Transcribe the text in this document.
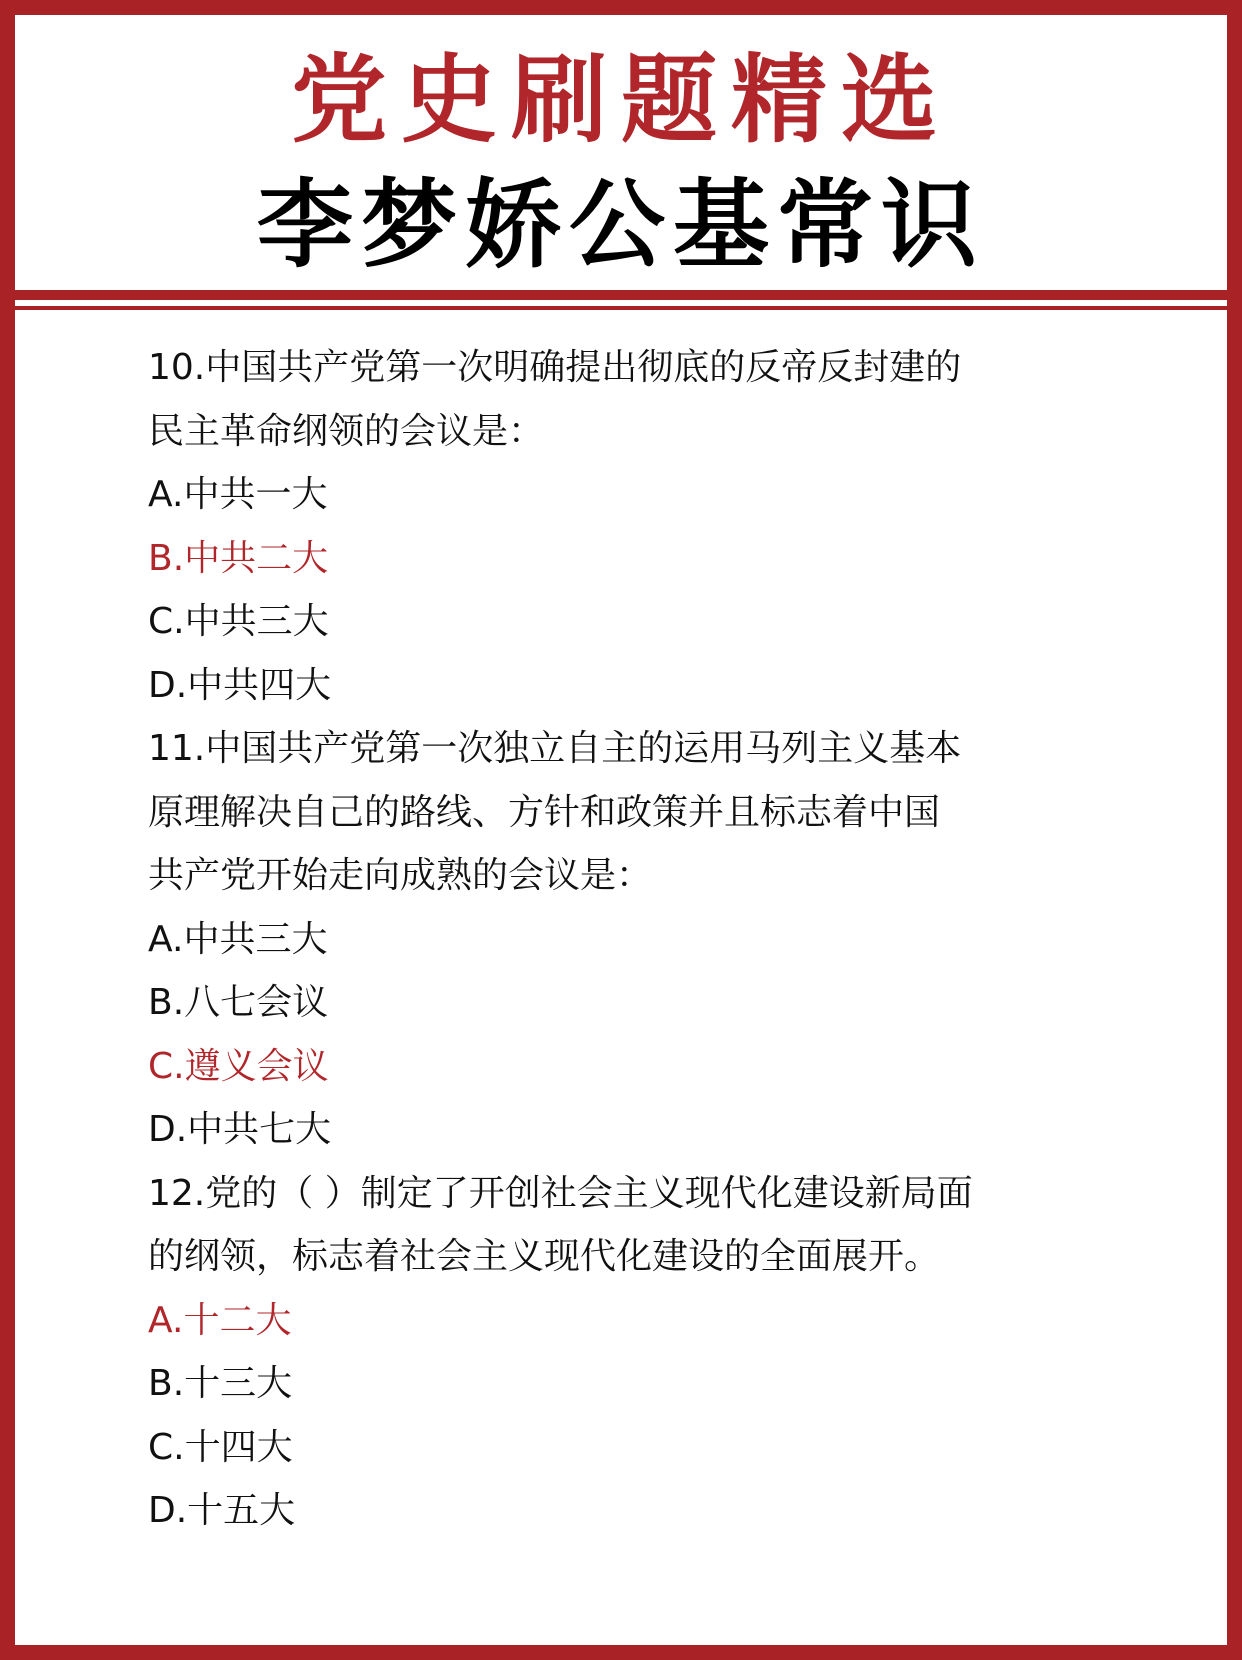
党史刷题精选
李梦娇公基常识
10.中国共产党第一次明确提出彻底的反帝反封建的
民主革命纲领的会议是：
A.中共一大
B.中共二大
C.中共三大
D.中共四大
11.中国共产党第一次独立自主的运用马列主义基本
原理解决自己的路线、方针和政策并且标志着中国
共产党开始走向成熟的会议是：
A.中共三大
B.八七会议
C.遵义会议
D.中共七大
12.党的（ ）制定了开创社会主义现代化建设新局面
的纲领，标志着社会主义现代化建设的全面展开。
A.十二大
B.十三大
C.十四大
D.十五大
